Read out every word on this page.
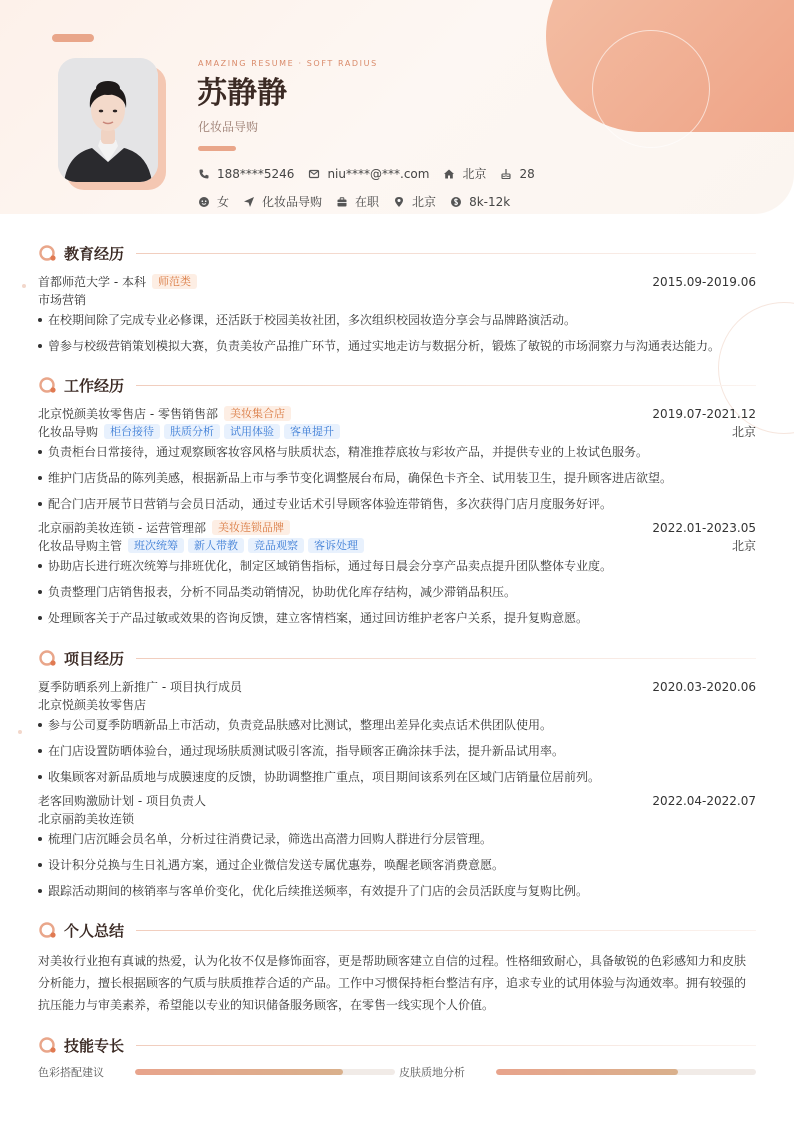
AMAZING RESUME · SOFT RADIUS
苏静静
化妆品导购
188****5246	niu****@***.com	北京	28
女	化妆品导购	在职	北京	8k-12k
教育经历
首都师范大学 - 本科 师范类	2015.09-2019.06
市场营销
在校期间除了完成专业必修课，还活跃于校园美妆社团，多次组织校园妆造分享会与品牌路演活动。
曾参与校级营销策划模拟大赛，负责美妆产品推广环节，通过实地走访与数据分析，锻炼了敏锐的市场洞察力与沟通表达能力。
工作经历
北京悦颜美妆零售店 - 零售销售部 美妆集合店	2019.07-2021.12
化妆品导购 柜台接待 肤质分析 试用体验 客单提升	北京
负责柜台日常接待，通过观察顾客妆容风格与肤质状态，精准推荐底妆与彩妆产品，并提供专业的上妆试色服务。
维护门店货品的陈列美感，根据新品上市与季节变化调整展台布局，确保色卡齐全、试用装卫生，提升顾客进店欲望。
配合门店开展节日营销与会员日活动，通过专业话术引导顾客体验连带销售，多次获得门店月度服务好评。
北京丽韵美妆连锁 - 运营管理部 美妆连锁品牌	2022.01-2023.05
化妆品导购主管 班次统筹 新人带教 竞品观察 客诉处理	北京
协助店长进行班次统筹与排班优化，制定区域销售指标，通过每日晨会分享产品卖点提升团队整体专业度。
负责整理门店销售报表，分析不同品类动销情况，协助优化库存结构，减少滞销品积压。
处理顾客关于产品过敏或效果的咨询反馈，建立客情档案，通过回访维护老客户关系，提升复购意愿。
项目经历
夏季防晒系列上新推广 - 项目执行成员	2020.03-2020.06
北京悦颜美妆零售店
参与公司夏季防晒新品上市活动，负责竞品肤感对比测试，整理出差异化卖点话术供团队使用。
在门店设置防晒体验台，通过现场肤质测试吸引客流，指导顾客正确涂抹手法，提升新品试用率。
收集顾客对新品质地与成膜速度的反馈，协助调整推广重点，项目期间该系列在区域门店销量位居前列。
老客回购激励计划 - 项目负责人	2022.04-2022.07
北京丽韵美妆连锁
梳理门店沉睡会员名单，分析过往消费记录，筛选出高潜力回购人群进行分层管理。
设计积分兑换与生日礼遇方案，通过企业微信发送专属优惠券，唤醒老顾客消费意愿。
跟踪活动期间的核销率与客单价变化，优化后续推送频率，有效提升了门店的会员活跃度与复购比例。
个人总结

对美妆行业抱有真诚的热爱，认为化妆不仅是修饰面容，更是帮助顾客建立自信的过程。性格细致耐心，具备敏锐的色彩感知力和皮肤分析能力，擅长根据顾客的气质与肤质推荐合适的产品。工作中习惯保持柜台整洁有序，追求专业的试用体验与沟通效率。拥有较强的抗压能力与审美素养，希望能以专业的知识储备服务顾客，在零售一线实现个人价值。

技能专长
色彩搭配建议	皮肤质地分析
